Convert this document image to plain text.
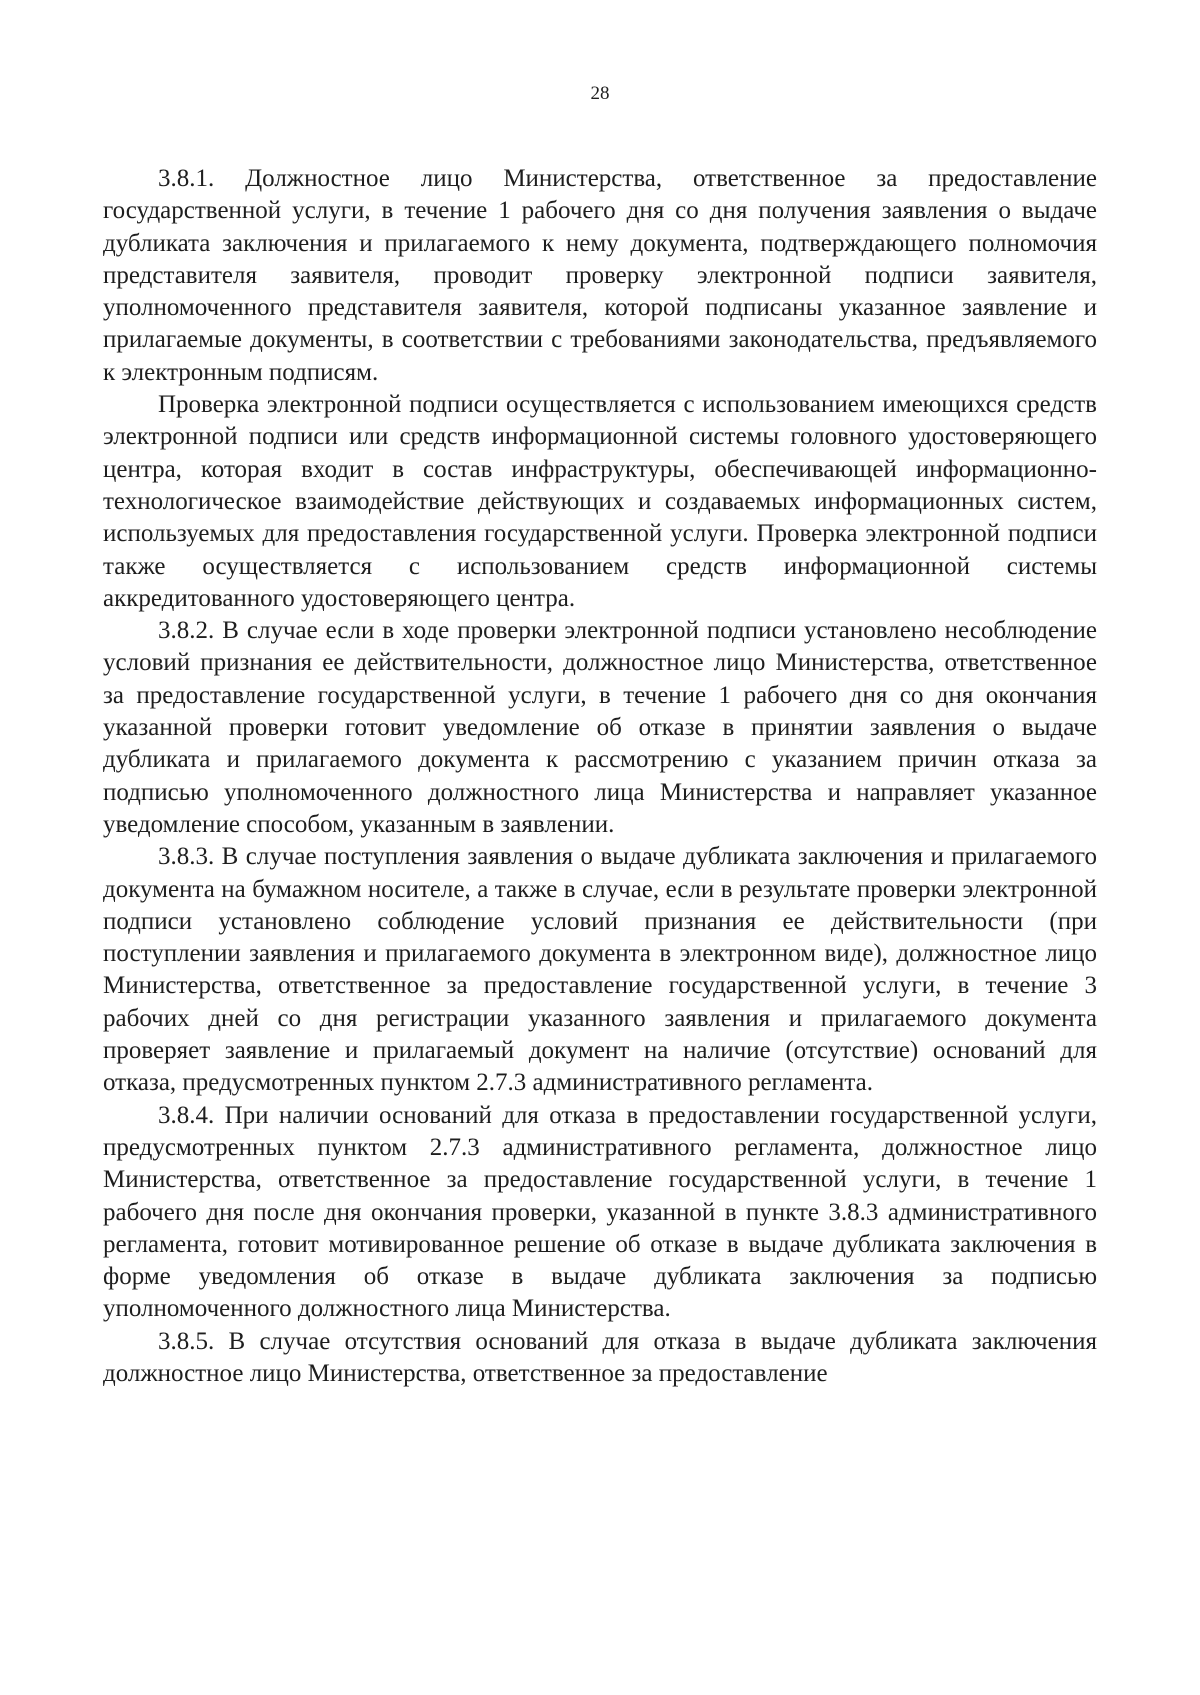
28

3.8.1. Должностное лицо Министерства, ответственное за предоставление государственной услуги, в течение 1 рабочего дня со дня получения заявления о выдаче дубликата заключения и прилагаемого к нему документа, подтверждающего полномочия представителя заявителя, проводит проверку электронной подписи заявителя, уполномоченного представителя заявителя, которой подписаны указанное заявление и прилагаемые документы, в соответствии с требованиями законодательства, предъявляемого к электронным подписям.

Проверка электронной подписи осуществляется с использованием имеющихся средств электронной подписи или средств информационной системы головного удостоверяющего центра, которая входит в состав инфраструктуры, обеспечивающей информационно-технологическое взаимодействие действующих и создаваемых информационных систем, используемых для предоставления государственной услуги. Проверка электронной подписи также осуществляется с использованием средств информационной системы аккредитованного удостоверяющего центра.

3.8.2. В случае если в ходе проверки электронной подписи установлено несоблюдение условий признания ее действительности, должностное лицо Министерства, ответственное за предоставление государственной услуги, в течение 1 рабочего дня со дня окончания указанной проверки готовит уведомление об отказе в принятии заявления о выдаче дубликата и прилагаемого документа к рассмотрению с указанием причин отказа за подписью уполномоченного должностного лица Министерства и направляет указанное уведомление способом, указанным в заявлении.

3.8.3. В случае поступления заявления о выдаче дубликата заключения и прилагаемого документа на бумажном носителе, а также в случае, если в результате проверки электронной подписи установлено соблюдение условий признания ее действительности (при поступлении заявления и прилагаемого документа в электронном виде), должностное лицо Министерства, ответственное за предоставление государственной услуги, в течение 3 рабочих дней со дня регистрации указанного заявления и прилагаемого документа проверяет заявление и прилагаемый документ на наличие (отсутствие) оснований для отказа, предусмотренных пунктом 2.7.3 административного регламента.

3.8.4. При наличии оснований для отказа в предоставлении государственной услуги, предусмотренных пунктом 2.7.3 административного регламента, должностное лицо Министерства, ответственное за предоставление государственной услуги, в течение 1 рабочего дня после дня окончания проверки, указанной в пункте 3.8.3 административного регламента, готовит мотивированное решение об отказе в выдаче дубликата заключения в форме уведомления об отказе в выдаче дубликата заключения за подписью уполномоченного должностного лица Министерства.

3.8.5. В случае отсутствия оснований для отказа в выдаче дубликата заключения должностное лицо Министерства, ответственное за предоставление
